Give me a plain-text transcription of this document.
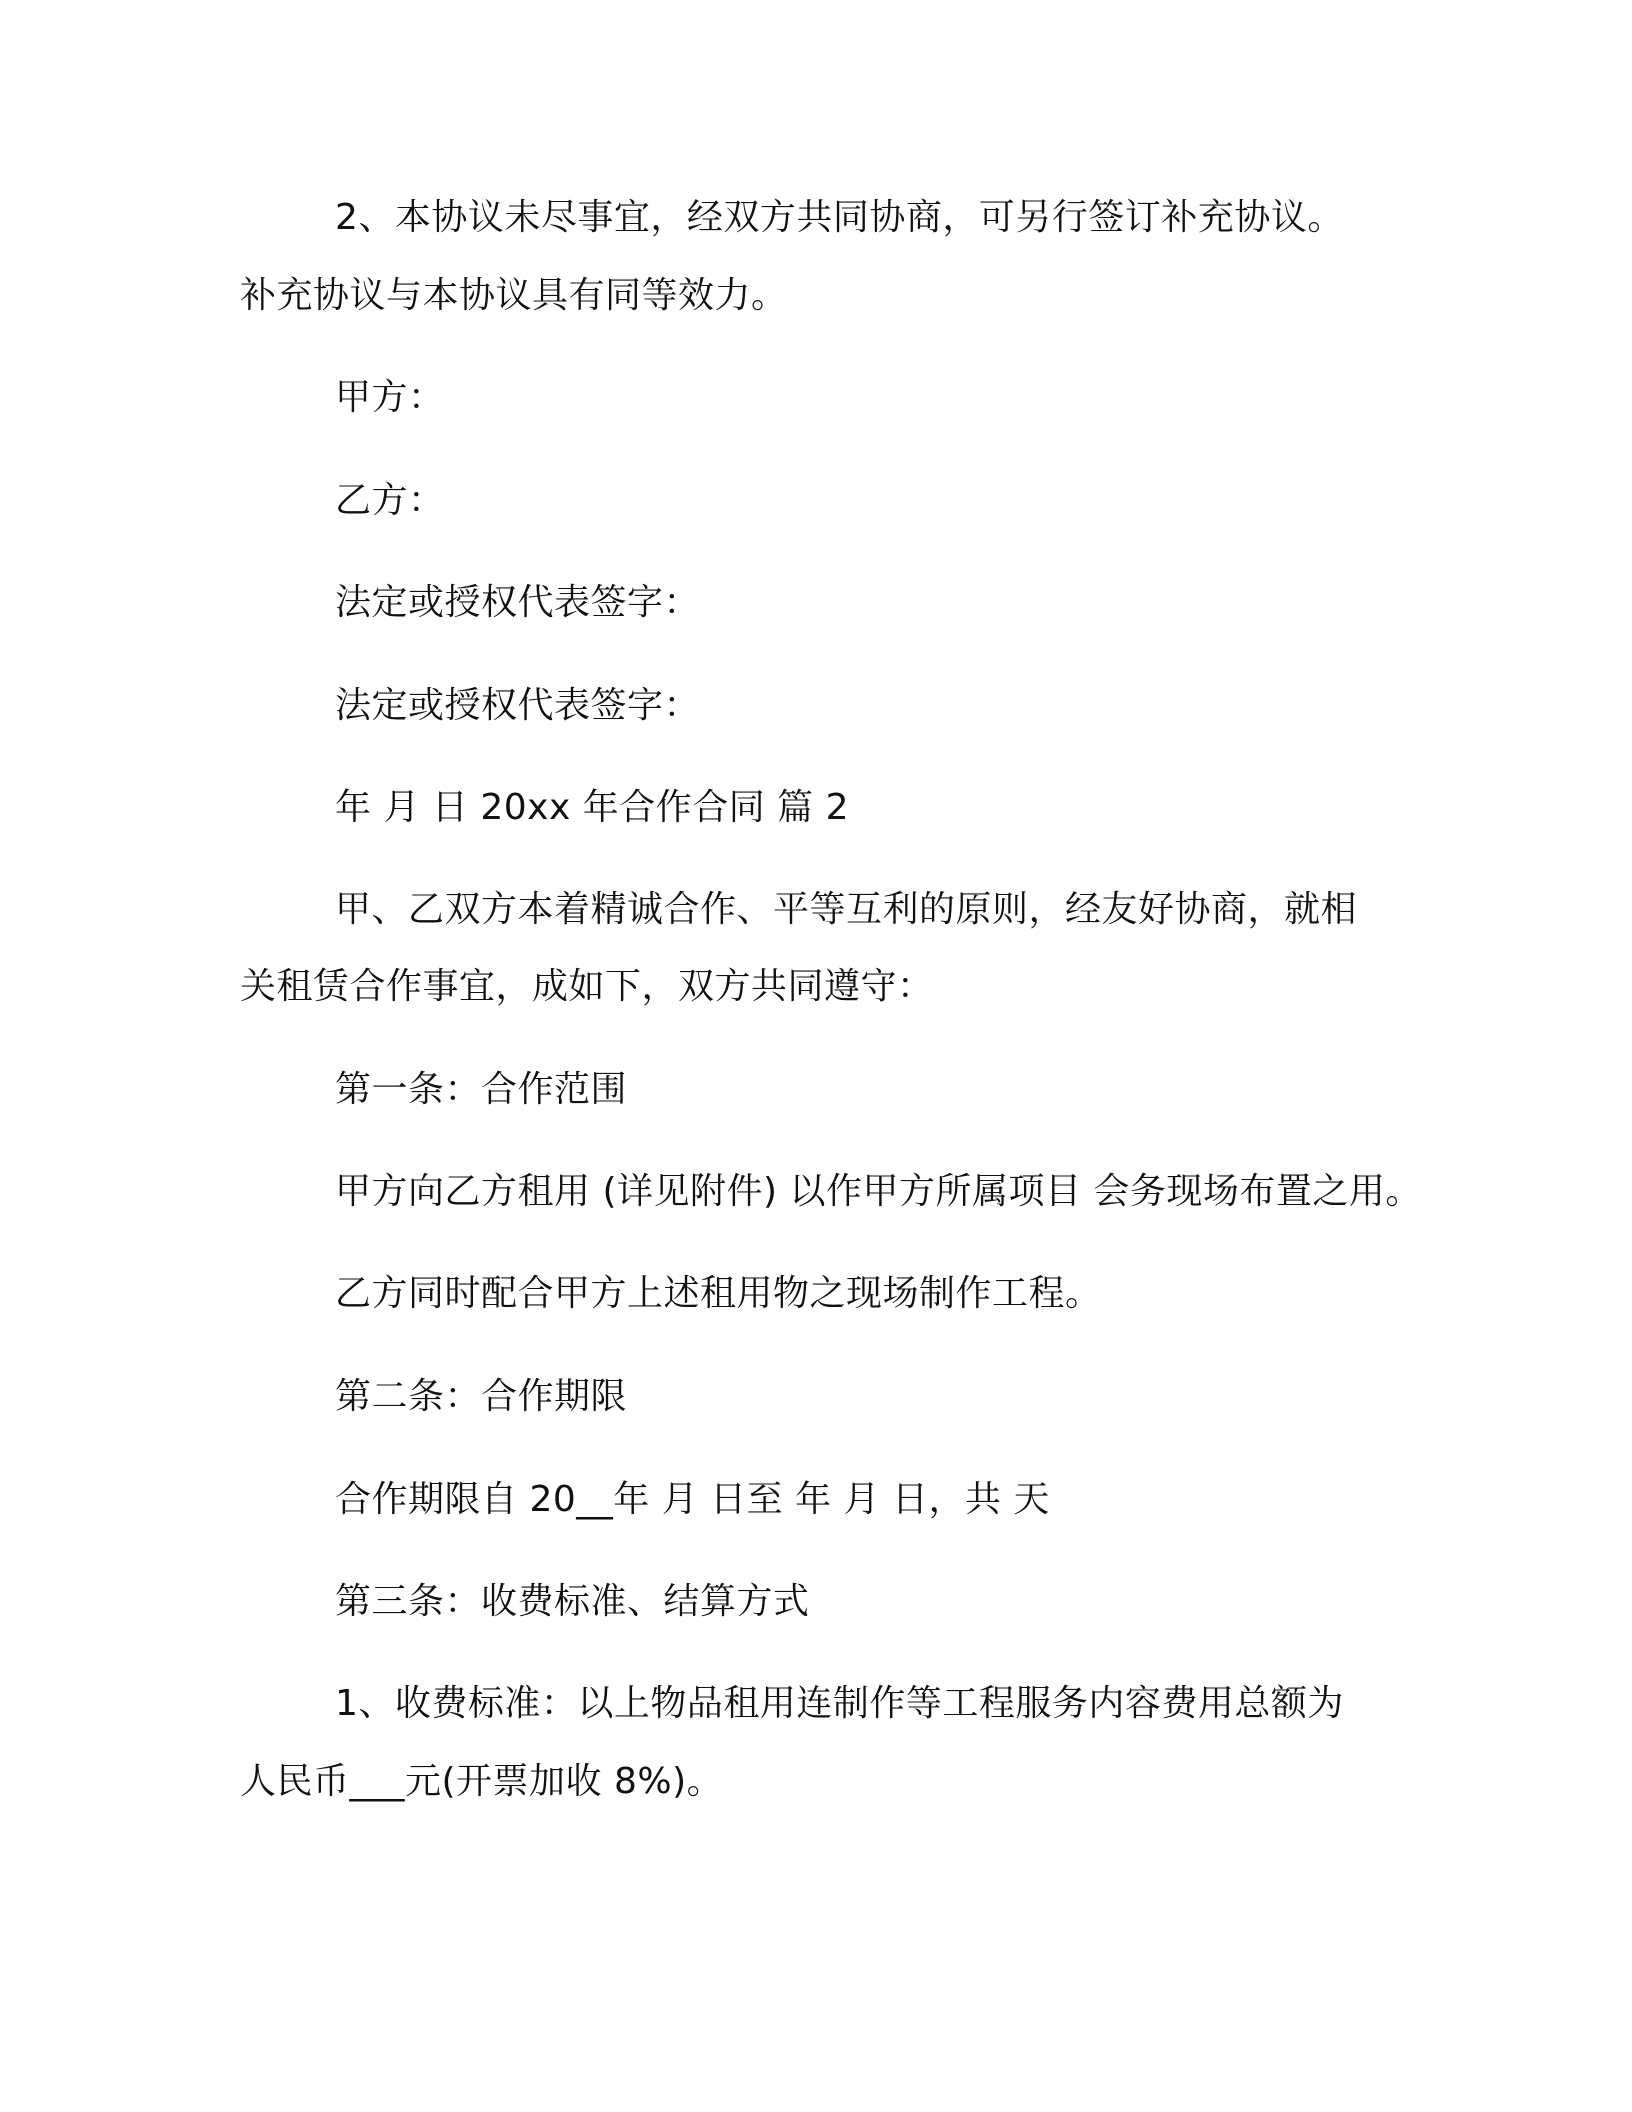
2、本协议未尽事宜，经双方共同协商，可另行签订补充协议。
补充协议与本协议具有同等效力。
甲方：
乙方：
法定或授权代表签字：
法定或授权代表签字：
年 月 日 20xx 年合作合同 篇 2
甲、乙双方本着精诚合作、平等互利的原则，经友好协商，就相
关租赁合作事宜，成如下，双方共同遵守：
第一条：合作范围
甲方向乙方租用 (详见附件) 以作甲方所属项目 会务现场布置之用。
乙方同时配合甲方上述租用物之现场制作工程。
第二条：合作期限
合作期限自 20__年 月 日至 年 月 日，共 天
第三条：收费标准、结算方式
1、收费标准：以上物品租用连制作等工程服务内容费用总额为
人民币___元(开票加收 8%)。
